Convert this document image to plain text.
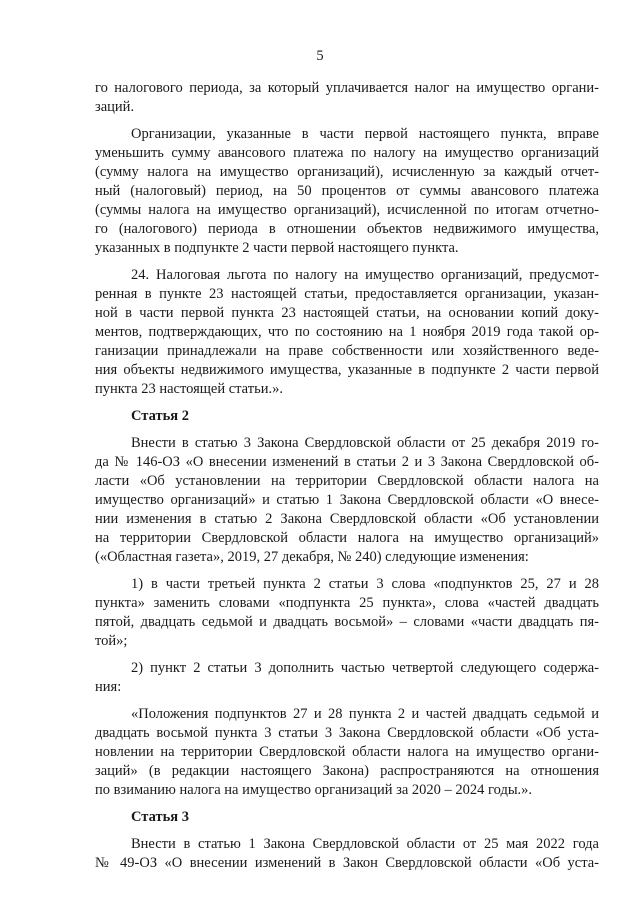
5
го налогового периода, за который уплачивается налог на имущество органи-
заций.
Организации, указанные в части первой настоящего пункта, вправе
уменьшить сумму авансового платежа по налогу на имущество организаций
(сумму налога на имущество организаций), исчисленную за каждый отчет-
ный (налоговый) период, на 50 процентов от суммы авансового платежа
(суммы налога на имущество организаций), исчисленной по итогам отчетно-
го (налогового) периода в отношении объектов недвижимого имущества,
указанных в подпункте 2 части первой настоящего пункта.
24. Налоговая льгота по налогу на имущество организаций, предусмот-
ренная в пункте 23 настоящей статьи, предоставляется организации, указан-
ной в части первой пункта 23 настоящей статьи, на основании копий доку-
ментов, подтверждающих, что по состоянию на 1 ноября 2019 года такой ор-
ганизации принадлежали на праве собственности или хозяйственного веде-
ния объекты недвижимого имущества, указанные в подпункте 2 части первой
пункта 23 настоящей статьи.».
Статья 2
Внести в статью 3 Закона Свердловской области от 25 декабря 2019 го-
да № 146-ОЗ «О внесении изменений в статьи 2 и 3 Закона Свердловской об-
ласти «Об установлении на территории Свердловской области налога на
имущество организаций» и статью 1 Закона Свердловской области «О внесе-
нии изменения в статью 2 Закона Свердловской области «Об установлении
на территории Свердловской области налога на имущество организаций»
(«Областная газета», 2019, 27 декабря, № 240) следующие изменения:
1) в части третьей пункта 2 статьи 3 слова «подпунктов 25, 27 и 28
пункта» заменить словами «подпункта 25 пункта», слова «частей двадцать
пятой, двадцать седьмой и двадцать восьмой» – словами «части двадцать пя-
той»;
2) пункт 2 статьи 3 дополнить частью четвертой следующего содержа-
ния:
«Положения подпунктов 27 и 28 пункта 2 и частей двадцать седьмой и
двадцать восьмой пункта 3 статьи 3 Закона Свердловской области «Об уста-
новлении на территории Свердловской области налога на имущество органи-
заций» (в редакции настоящего Закона) распространяются на отношения
по взиманию налога на имущество организаций за 2020 – 2024 годы.».
Статья 3
Внести в статью 1 Закона Свердловской области от 25 мая 2022 года
№ 49-ОЗ «О внесении изменений в Закон Свердловской области «Об уста-
